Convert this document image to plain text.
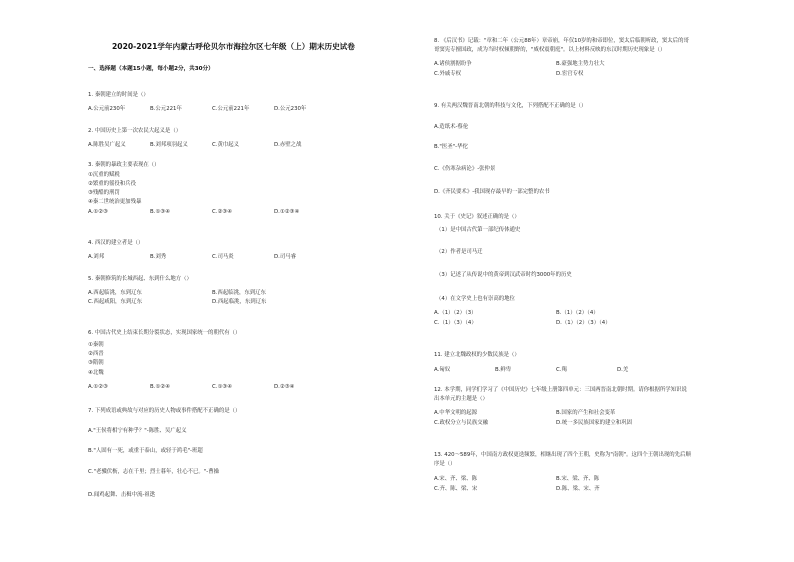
2020-2021学年内蒙古呼伦贝尔市海拉尔区七年级（上）期末历史试卷
一、选择题（本题15小题，每小题2分，共30分）
1. 秦朝建立的时间是（）
A.公元前230年	B.公元221年	C.公元前221年	D.公元230年
2. 中国历史上第一次农民大起义是（）
A.陈胜吴广起义	B.刘邦项羽起义	C.黄巾起义	D.赤壁之战
3. 秦朝的暴政主要表现在（）
①沉重的赋税
②繁重的徭役和兵役
③残酷的刑罚
④秦二世统治更加残暴
A.①②③	B.①③④	C.②③④	D.①②③④
4. 西汉的建立者是（）
A.刘邦	B.刘秀	C.司马炎	D.司马睿
5. 秦朝修筑的长城西起、东到什么地方（）
A.西起临洮，东到辽东	B.西起临洮，东到辽东
C.西起咸阳，东到辽东	D.西起临洮，东到辽东
6. 中国古代史上结束长期分裂状态，实现国家统一的朝代有（）
①秦朝
②西晋
③隋朝
④北魏
A.①②③	B.①②④	C.①③④	D.②③④
7. 下列成语或典故与对应的历史人物或事件搭配不正确的是（）
A."王侯将相宁有种乎？"-陈胜、吴广起义
B."人固有一死，或重于泰山，或轻于鸿毛"-班超
C."老骥伏枥，志在千里；烈士暮年，壮心不已。"-曹操
D.闻鸡起舞、击楫中流-祖逖
8. 《后汉书》记载："章和二年（公元88年）章帝崩，年仅10岁的和帝即位，窦太后临朝听政，窦太后的哥
哥窦宪专擅国政，成为当时权倾朝野的，"威权震朝庭"。以上材料反映的东汉时期历史现象是（）
A.诸侯割据纷争	B.豪强地主势力壮大
C.外戚专权	D.宦官专权
9. 有关两汉魏晋南北朝的科技与文化，下列搭配不正确的是（）
A.造纸术-蔡伦
B."医圣"-华佗
C.《伤寒杂病论》-张仲景
D.《齐民要术》-我国现存最早的一部完整的农书
10. 关于《史记》叙述正确的是（）
（1）是中国古代第一部纪传体通史
（2）作者是司马迁
（3）记述了从传说中的黄帝到汉武帝时约3000年的历史
（4）在文学史上也有崇高的地位
A.（1）（2）（3）	B.（1）（2）（4）
C.（1）（3）（4）	D.（1）（2）（3）（4）
11. 建立北魏政权的少数民族是（）
A.匈奴	B.鲜卑	C.羯	D.羌
12. 本学期，同学们学习了《中国历史》七年级上册第四单元：三国两晋南北朝时期。请你根据所学知识说
出本单元的主题是（）
A.中华文明的起源	B.国家的产生和社会变革
C.政权分立与民族交融	D.统一多民族国家的建立和巩固
13. 420～589年，中国南方政权更迭频繁，相继出现了四个王朝，史称为"南朝"。这四个王朝出现的先后顺
序是（）
A.宋、齐、梁、陈	B.宋、梁、齐、陈
C.齐、陈、梁、宋	D.陈、梁、宋、齐
